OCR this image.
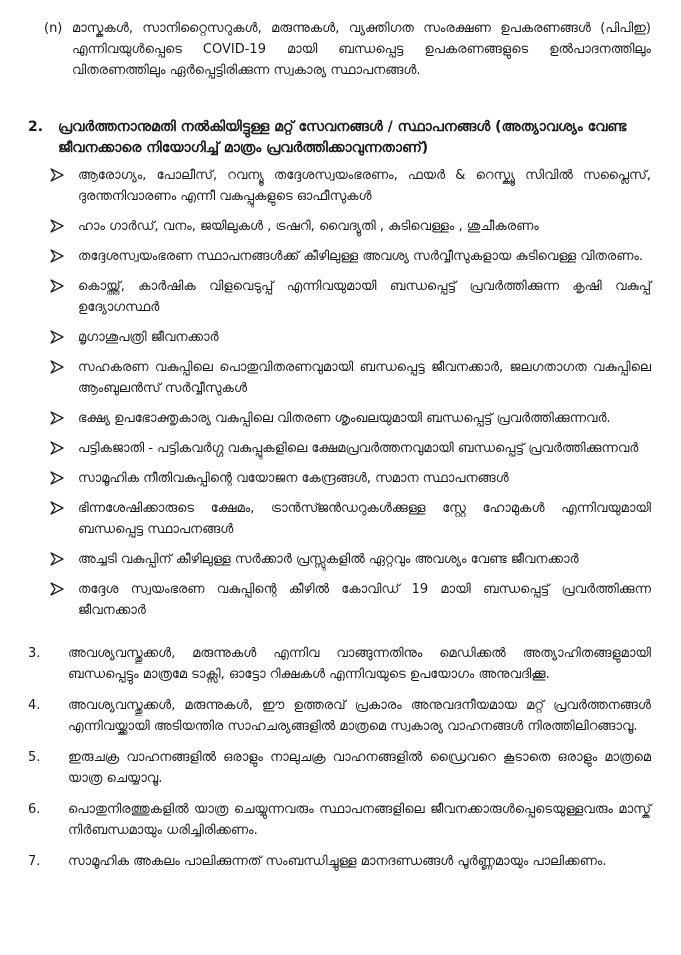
(n) മാസ്കുകൾ, സാനിറ്റൈസറുകൾ, മരുന്നുകൾ, വ്യക്തിഗത സംരക്ഷണ ഉപകരണങ്ങൾ (പിപിഇ) എന്നിവയുൾപ്പെടെ COVID-19 മായി ബന്ധപ്പെട്ട ഉപകരണങ്ങളുടെ ഉൽപാദനത്തിലും വിതരണത്തിലും ഏർപ്പെട്ടിരിക്കുന്ന സ്വകാര്യ സ്ഥാപനങ്ങൾ.
2.	പ്രവർത്തനാനുമതി നൽകിയിട്ടുള്ള മറ്റ് സേവനങ്ങൾ / സ്ഥാപനങ്ങൾ (അത്യാവശ്യം വേണ്ട ജീവനക്കാരെ നിയോഗിച്ച് മാത്രം പ്രവർത്തിക്കാവുന്നതാണ്)
ആരോഗ്യം, പോലീസ്, റവന്യൂ തദ്ദേശസ്വയംഭരണം, ഫയർ & റെസ്ക്യൂ സിവിൽ സപ്ലൈസ്, ദുരന്തനിവാരണം എന്നീ വകുപ്പുകളുടെ ഓഫീസുകൾ
ഹാം ഗാർഡ്, വനം, ജയിലുകൾ , ട്രഷറി, വൈദ്യുതി , കുടിവെള്ളം , ശുചീകരണം
തദ്ദേശസ്വയംഭരണ സ്ഥാപനങ്ങൾക്ക് കീഴിലുള്ള അവശ്യ സർവ്വീസുകളായ കുടിവെള്ള വിതരണം.
കൊയ്ത്ത്, കാർഷിക വിളവെടുപ്പ് എന്നിവയുമായി ബന്ധപ്പെട്ട് പ്രവർത്തിക്കുന്ന കൃഷി വകുപ്പ് ഉദ്യോഗസ്ഥർ
മൃഗാശുപത്രി ജീവനക്കാർ
സഹകരണ വകുപ്പിലെ പൊതുവിതരണവുമായി ബന്ധപ്പെട്ട ജീവനക്കാർ, ജലഗതാഗത വകുപ്പിലെ ആംബുലൻസ് സർവ്വീസുകൾ
ഭക്ഷ്യ ഉപഭോക്തൃകാര്യ വകുപ്പിലെ വിതരണ ശൃംഖലയുമായി ബന്ധപ്പെട്ട് പ്രവർത്തിക്കുന്നവർ.
പട്ടികജാതി - പട്ടികവർഗ്ഗ വകുപ്പുകളിലെ ക്ഷേമപ്രവർത്തനവുമായി ബന്ധപ്പെട്ട് പ്രവർത്തിക്കുന്നവർ
സാമൂഹിക നീതിവകുപ്പിന്റെ വയോജന കേന്ദ്രങ്ങൾ, സമാന സ്ഥാപനങ്ങൾ
ഭിന്നശേഷിക്കാരുടെ ക്ഷേമം, ട്രാൻസ്ജൻഡറുകൾക്കുള്ള സ്റ്റേ ഹോമുകൾ എന്നിവയുമായി ബന്ധപ്പെട്ട സ്ഥാപനങ്ങൾ
അച്ചടി വകുപ്പിന് കീഴിലുള്ള സർക്കാർ പ്രസ്സുകളിൽ ഏറ്റവും അവശ്യം വേണ്ട ജീവനക്കാർ
തദ്ദേശ സ്വയംഭരണ വകുപ്പിന്റെ കീഴിൽ കോവിഡ് 19 മായി ബന്ധപ്പെട്ട് പ്രവർത്തിക്കുന്ന ജീവനക്കാർ
3.	അവശ്യവസ്തുക്കൾ, മരുന്നുകൾ എന്നിവ വാങ്ങുന്നതിനും മെഡിക്കൽ അത്യാഹിതങ്ങളുമായി ബന്ധപ്പെട്ടും മാത്രമേ ടാക്സി, ഓട്ടോ റിക്ഷകൾ എന്നിവയുടെ ഉപയോഗം അനുവദിക്കൂ.
4.	അവശ്യവസ്തുക്കൾ, മരുന്നുകൾ, ഈ ഉത്തരവ് പ്രകാരം അനുവദനീയമായ മറ്റ് പ്രവർത്തനങ്ങൾ എന്നിവയ്ക്കായി അടിയന്തിര സാഹചര്യങ്ങളിൽ മാത്രമെ സ്വകാര്യ വാഹനങ്ങൾ നിരത്തിലിറങ്ങാവൂ.
5.	ഇരുചക്ര വാഹനങ്ങളിൽ ഒരാളും നാലുചക്ര വാഹനങ്ങളിൽ ഡ്രൈവറെ കൂടാതെ ഒരാളും മാത്രമെ യാത്ര ചെയ്യാവൂ.
6.	പൊതുനിരത്തുകളിൽ യാത്ര ചെയ്യുന്നവരും സ്ഥാപനങ്ങളിലെ ജീവനക്കാരുൾപ്പെടെയുള്ളവരും മാസ്ക് നിർബന്ധമായും ധരിച്ചിരിക്കണം.
7.	സാമൂഹിക അകലം പാലിക്കുന്നത് സംബന്ധിച്ചുള്ള മാനദണ്ഡങ്ങൾ പൂർണ്ണമായും പാലിക്കണം.
